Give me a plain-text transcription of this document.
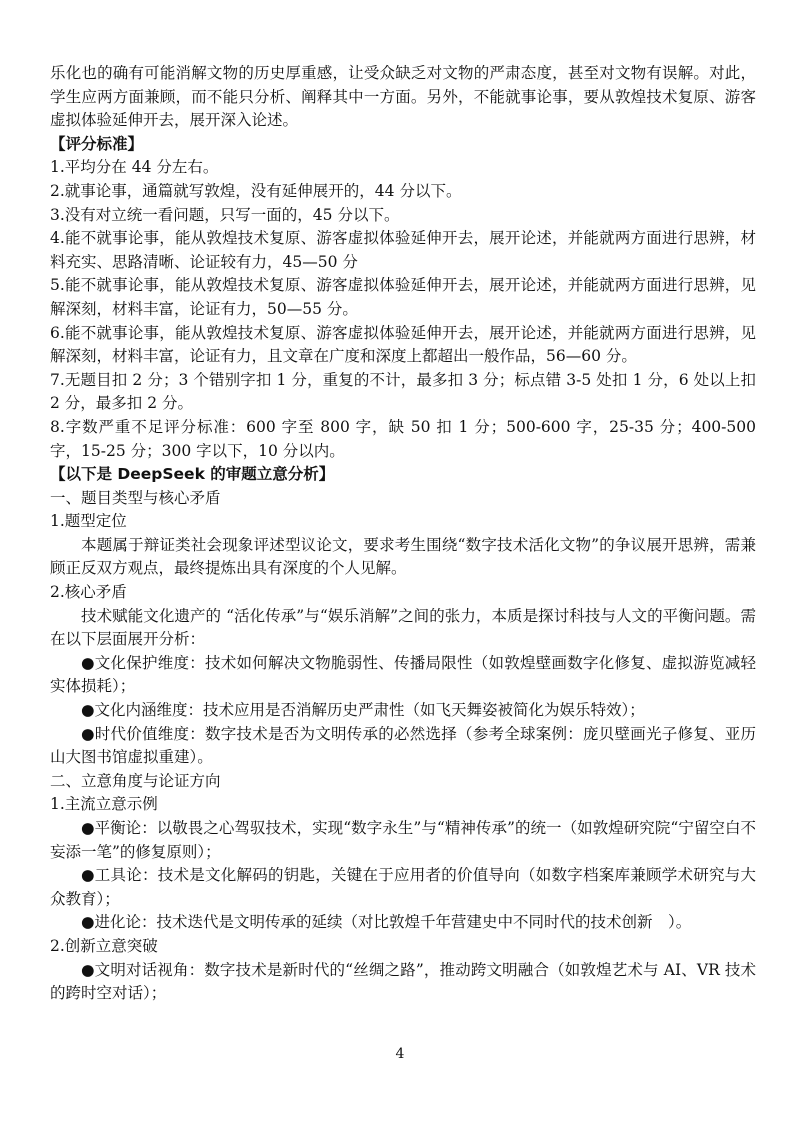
乐化也的确有可能消解文物的历史厚重感，让受众缺乏对文物的严肃态度，甚至对文物有误解。对此，学生应两方面兼顾，而不能只分析、阐释其中一方面。另外，不能就事论事，要从敦煌技术复原、游客虚拟体验延伸开去，展开深入论述。

【评分标准】

1.平均分在 44 分左右。

2.就事论事，通篇就写敦煌，没有延伸展开的，44 分以下。

3.没有对立统一看问题，只写一面的，45 分以下。

4.能不就事论事，能从敦煌技术复原、游客虚拟体验延伸开去，展开论述，并能就两方面进行思辨，材料充实、思路清晰、论证较有力，45—50 分

5.能不就事论事，能从敦煌技术复原、游客虚拟体验延伸开去，展开论述，并能就两方面进行思辨，见解深刻，材料丰富，论证有力，50—55 分。

6.能不就事论事，能从敦煌技术复原、游客虚拟体验延伸开去，展开论述，并能就两方面进行思辨，见解深刻，材料丰富，论证有力，且文章在广度和深度上都超出一般作品，56—60 分。

7.无题目扣 2 分；3 个错别字扣 1 分，重复的不计，最多扣 3 分；标点错 3-5 处扣 1 分，6 处以上扣 2 分，最多扣 2 分。

8.字数严重不足评分标准：600 字至 800 字，缺 50 扣 1 分；500-600 字，25-35 分；400-500 字，15-25 分；300 字以下，10 分以内。

【以下是 DeepSeek 的审题立意分析】

一、题目类型与核心矛盾

1.题型定位

本题属于辩证类社会现象评述型议论文，要求考生围绕“数字技术活化文物”的争议展开思辨，需兼顾正反双方观点，最终提炼出具有深度的个人见解。

2.核心矛盾

技术赋能文化遗产的 “活化传承”与“娱乐消解”之间的张力，本质是探讨科技与人文的平衡问题。需在以下层面展开分析：

●文化保护维度：技术如何解决文物脆弱性、传播局限性（如敦煌壁画数字化修复、虚拟游览减轻实体损耗）；

●文化内涵维度：技术应用是否消解历史严肃性（如飞天舞姿被简化为娱乐特效）；

●时代价值维度：数字技术是否为文明传承的必然选择（参考全球案例：庞贝壁画光子修复、亚历山大图书馆虚拟重建）。

二、立意角度与论证方向

1.主流立意示例

●平衡论：以敬畏之心驾驭技术，实现“数字永生”与“精神传承”的统一（如敦煌研究院“宁留空白不妄添一笔”的修复原则）；

●工具论：技术是文化解码的钥匙，关键在于应用者的价值导向（如数字档案库兼顾学术研究与大众教育）；

●进化论：技术迭代是文明传承的延续（对比敦煌千年营建史中不同时代的技术创新　）。

2.创新立意突破

●文明对话视角：数字技术是新时代的“丝绸之路”，推动跨文明融合（如敦煌艺术与 AI、VR 技术的跨时空对话）；

4
